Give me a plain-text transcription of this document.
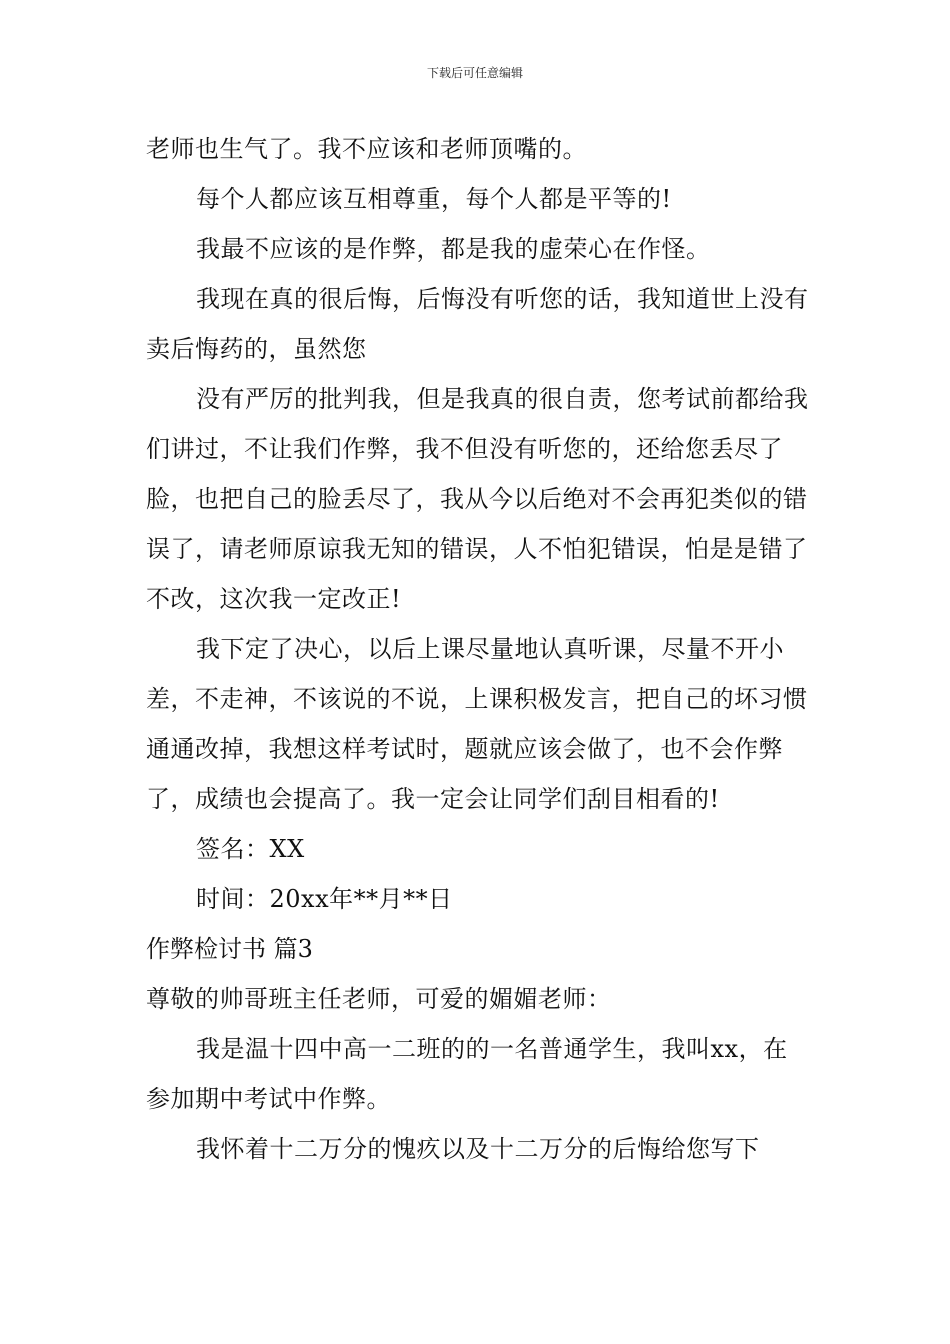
下载后可任意编辑

老师也生气了。我不应该和老师顶嘴的。

每个人都应该互相尊重，每个人都是平等的!

我最不应该的是作弊，都是我的虚荣心在作怪。

我现在真的很后悔，后悔没有听您的话，我知道世上没有卖后悔药的，虽然您

没有严厉的批判我，但是我真的很自责，您考试前都给我们讲过，不让我们作弊，我不但没有听您的，还给您丢尽了脸，也把自己的脸丢尽了，我从今以后绝对不会再犯类似的错误了，请老师原谅我无知的错误，人不怕犯错误，怕是是错了不改，这次我一定改正!

我下定了决心，以后上课尽量地认真听课，尽量不开小差，不走神，不该说的不说，上课积极发言，把自己的坏习惯通通改掉，我想这样考试时，题就应该会做了，也不会作弊了，成绩也会提高了。我一定会让同学们刮目相看的!

签名：XX

时间：20xx年**月**日

作弊检讨书 篇3

尊敬的帅哥班主任老师，可爱的媚媚老师：

我是温十四中高一二班的的一名普通学生，我叫xx，在参加期中考试中作弊。

我怀着十二万分的愧疚以及十二万分的后悔给您写下
